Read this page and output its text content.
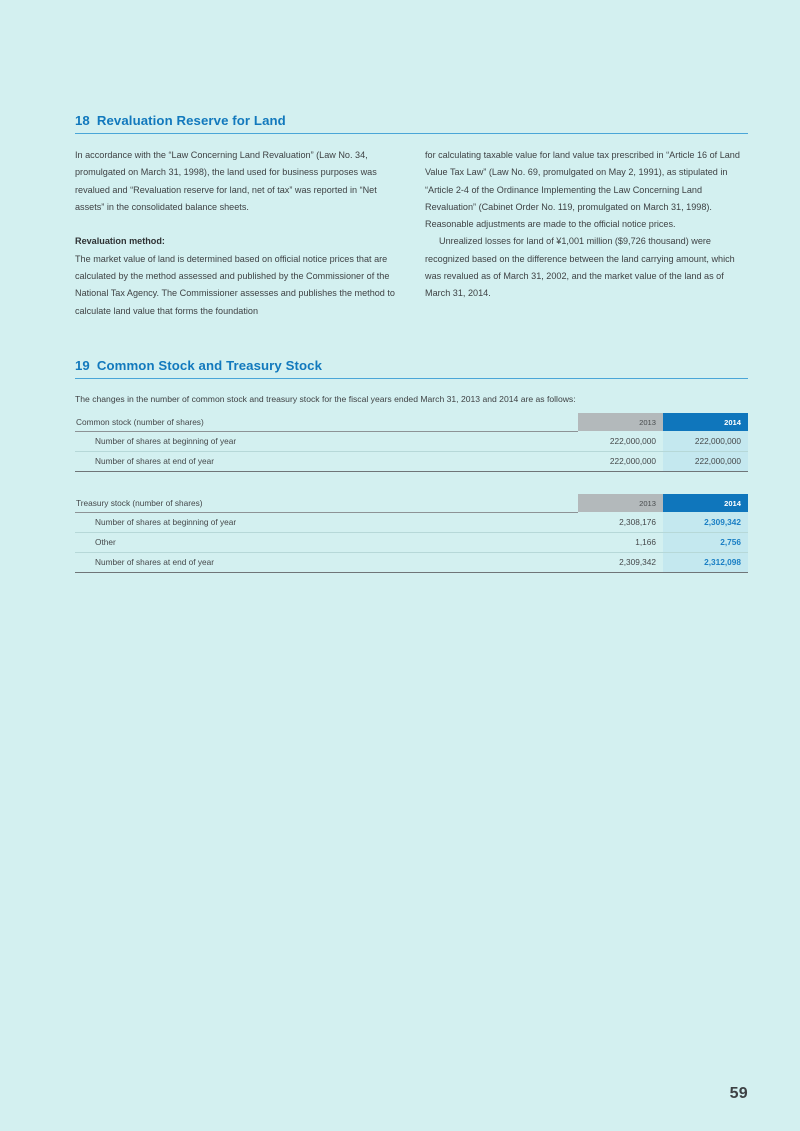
18 Revaluation Reserve for Land

In accordance with the “Law Concerning Land Revaluation” (Law No. 34, promulgated on March 31, 1998), the land used for business purposes was revalued and “Revaluation reserve for land, net of tax” was reported in “Net assets” in the consolidated balance sheets.

Revaluation method:
The market value of land is determined based on official notice prices that are calculated by the method assessed and published by the Commissioner of the National Tax Agency. The Commissioner assesses and publishes the method to calculate land value that forms the foundation

for calculating taxable value for land value tax prescribed in “Article 16 of Land Value Tax Law” (Law No. 69, promulgated on May 2, 1991), as stipulated in “Article 2-4 of the Ordinance Implementing the Law Concerning Land Revaluation” (Cabinet Order No. 119, promulgated on March 31, 1998). Reasonable adjustments are made to the official notice prices.

Unrealized losses for land of ¥1,001 million ($9,726 thousand) were recognized based on the difference between the land carrying amount, which was revalued as of March 31, 2002, and the market value of the land as of March 31, 2014.

19 Common Stock and Treasury Stock

The changes in the number of common stock and treasury stock for the fiscal years ended March 31, 2013 and 2014 are as follows:

Common stock (number of shares)	2013	2014
Number of shares at beginning of year	222,000,000	222,000,000
Number of shares at end of year	222,000,000	222,000,000
Treasury stock (number of shares)	2013	2014
Number of shares at beginning of year	2,308,176	2,309,342
Other	1,166	2,756
Number of shares at end of year	2,309,342	2,312,098
59
